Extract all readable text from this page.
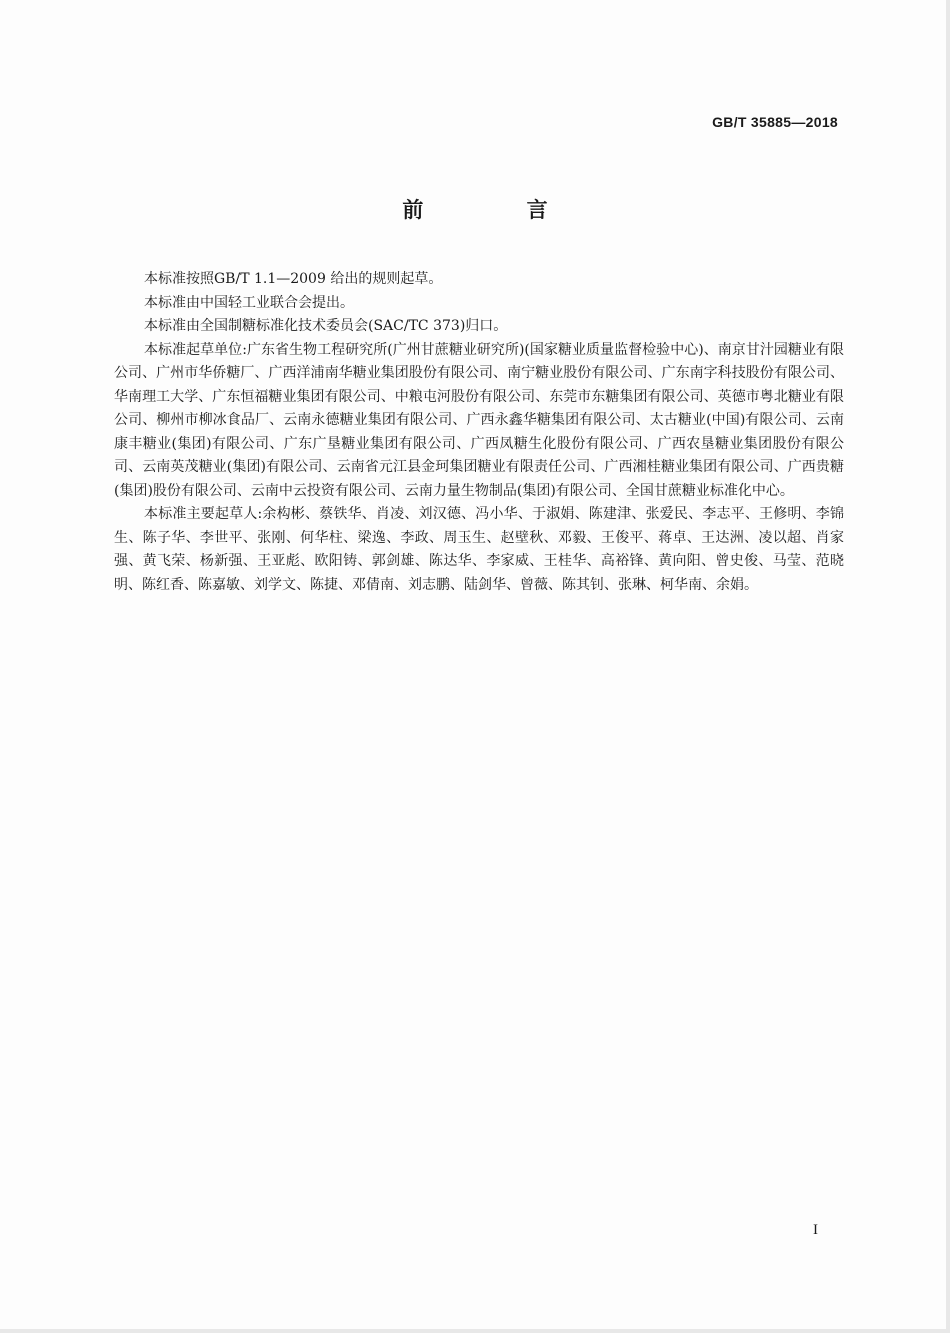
GB/T 35885—2018
前 言

本标准按照GB/T 1.1—2009 给出的规则起草。

本标准由中国轻工业联合会提出。

本标准由全国制糖标准化技术委员会(SAC/TC 373)归口。

本标准起草单位:广东省生物工程研究所(广州甘蔗糖业研究所)(国家糖业质量监督检验中心)、南京甘汁园糖业有限公司、广州市华侨糖厂、广西洋浦南华糖业集团股份有限公司、南宁糖业股份有限公司、广东南字科技股份有限公司、华南理工大学、广东恒福糖业集团有限公司、中粮屯河股份有限公司、东莞市东糖集团有限公司、英德市粤北糖业有限公司、柳州市柳冰食品厂、云南永德糖业集团有限公司、广西永鑫华糖集团有限公司、太古糖业(中国)有限公司、云南康丰糖业(集团)有限公司、广东广垦糖业集团有限公司、广西凤糖生化股份有限公司、广西农垦糖业集团股份有限公司、云南英茂糖业(集团)有限公司、云南省元江县金珂集团糖业有限责任公司、广西湘桂糖业集团有限公司、广西贵糖(集团)股份有限公司、云南中云投资有限公司、云南力量生物制品(集团)有限公司、全国甘蔗糖业标准化中心。

本标准主要起草人:余构彬、蔡铁华、肖凌、刘汉德、冯小华、于淑娟、陈建津、张爱民、李志平、王修明、李锦生、陈子华、李世平、张刚、何华柱、梁逸、李政、周玉生、赵壁秋、邓毅、王俊平、蒋卓、王达洲、凌以超、肖家强、黄飞荣、杨新强、王亚彪、欧阳铸、郭剑雄、陈达华、李家威、王桂华、高裕锋、黄向阳、曾史俊、马莹、范晓明、陈红香、陈嘉敏、刘学文、陈捷、邓倩南、刘志鹏、陆剑华、曾薇、陈其钊、张琳、柯华南、余娟。

I
